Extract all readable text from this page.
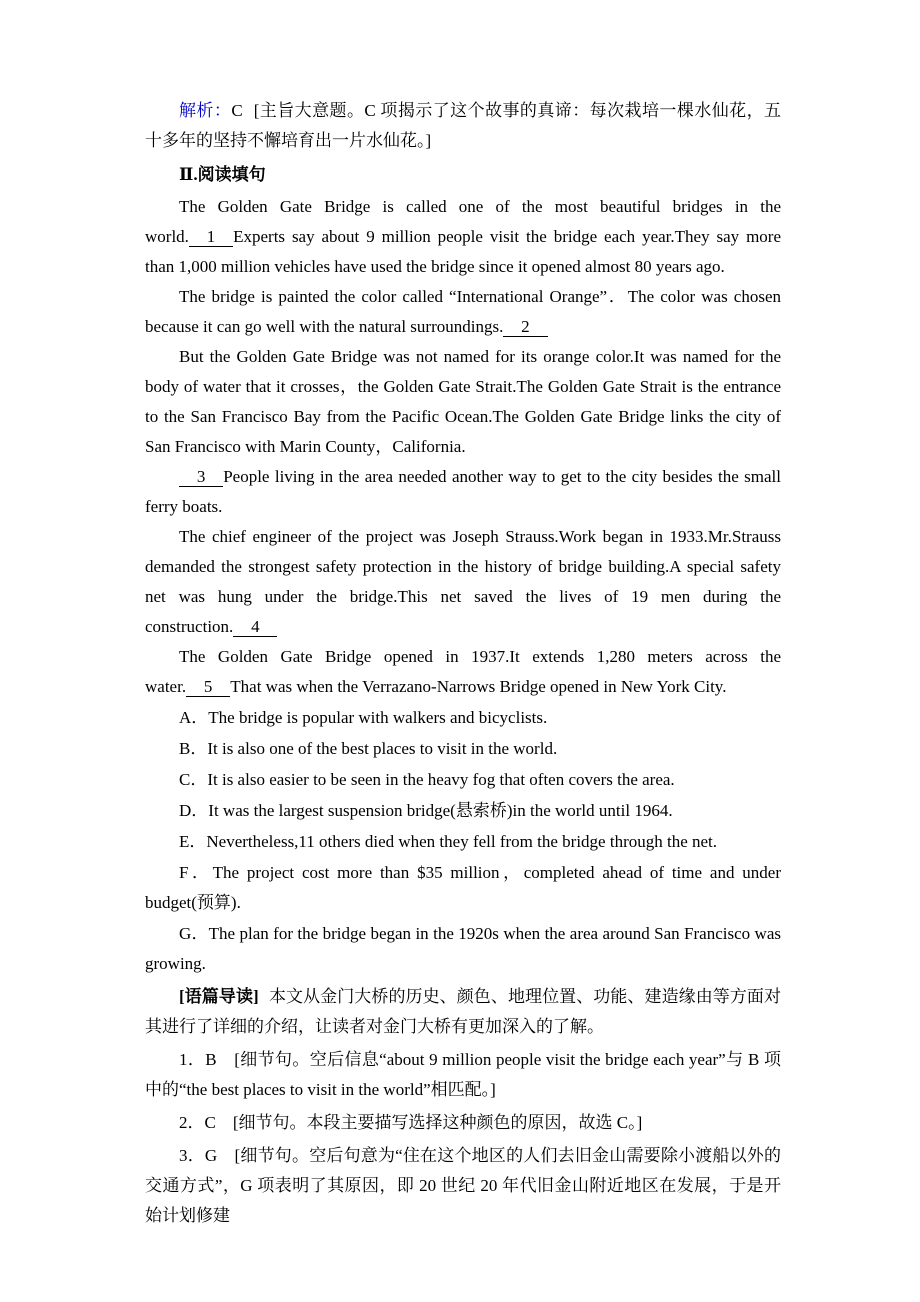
解析：C [主旨大意题。C 项揭示了这个故事的真谛：每次栽培一棵水仙花，五十多年的坚持不懈培育出一片水仙花。]

Ⅱ.阅读填句

The Golden Gate Bridge is called one of the most beautiful bridges in the world. 1 Experts say about 9 million people visit the bridge each year.They say more than 1,000 million vehicles have used the bridge since it opened almost 80 years ago.

The bridge is painted the color called “International Orange”．The color was chosen because it can go well with the natural surroundings. 2

But the Golden Gate Bridge was not named for its orange color.It was named for the body of water that it crosses，the Golden Gate Strait.The Golden Gate Strait is the entrance to the San Francisco Bay from the Pacific Ocean.The Golden Gate Bridge links the city of San Francisco with Marin County，California.

3 People living in the area needed another way to get to the city besides the small ferry boats.

The chief engineer of the project was Joseph Strauss.Work began in 1933.Mr.Strauss demanded the strongest safety protection in the history of bridge building.A special safety net was hung under the bridge.This net saved the lives of 19 men during the construction. 4

The Golden Gate Bridge opened in 1937.It extends 1,280 meters across the water. 5 That was when the Verrazano-Narrows Bridge opened in New York City.

A．The bridge is popular with walkers and bicyclists.

B．It is also one of the best places to visit in the world.

C．It is also easier to be seen in the heavy fog that often covers the area.

D．It was the largest suspension bridge(悬索桥)in the world until 1964.

E．Nevertheless,11 others died when they fell from the bridge through the net.

F．The project cost more than $35 million，completed ahead of time and under budget(预算).

G．The plan for the bridge began in the 1920s when the area around San Francisco was growing.

[语篇导读] 本文从金门大桥的历史、颜色、地理位置、功能、建造缘由等方面对其进行了详细的介绍，让读者对金门大桥有更加深入的了解。

1．B　[细节句。空后信息“about 9 million people visit the bridge each year”与 B 项中的“the best places to visit in the world”相匹配。]

2．C　[细节句。本段主要描写选择这种颜色的原因，故选 C。]

3．G　[细节句。空后句意为“住在这个地区的人们去旧金山需要除小渡船以外的交通方式”，G 项表明了其原因，即 20 世纪 20 年代旧金山附近地区在发展，于是开始计划修建
